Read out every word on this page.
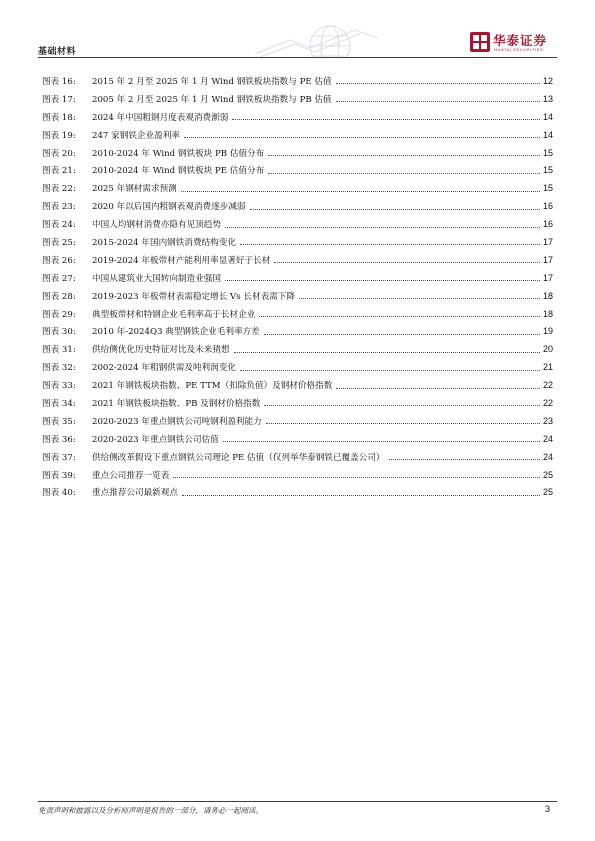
基础材料
华泰证券
HUATAI SECURITIES
图表 16:	2015 年 2 月至 2025 年 1 月 Wind 钢铁板块指数与 PE 估值	12
图表 17:	2005 年 2 月至 2025 年 1 月 Wind 钢铁板块指数与 PB 估值	13
图表 18:	2024 年中国粗钢月度表观消费渐弱	14
图表 19:	247 家钢铁企业盈利率	14
图表 20:	2010-2024 年 Wind 钢铁板块 PB 估值分布	15
图表 21:	2010-2024 年 Wind 钢铁板块 PE 估值分布	15
图表 22:	2025 年钢材需求预测	15
图表 23:	2020 年以后国内粗钢表观消费逐步减弱	16
图表 24:	中国人均钢材消费亦隐有见顶趋势	16
图表 25:	2015-2024 年国内钢铁消费结构变化	17
图表 26:	2019-2024 年板带材产能利用率显著好于长材	17
图表 27:	中国从建筑业大国转向制造业强国	17
图表 28:	2019-2023 年板带材表需稳定增长 Vs 长材表需下降	18
图表 29:	典型板带材和特钢企业毛利率高于长材企业	18
图表 30:	2010 年-2024Q3 典型钢铁企业毛利率方差	19
图表 31:	供给侧优化历史特征对比及未来猜想	20
图表 32:	2002-2024 年粗钢供需及吨利润变化	21
图表 33:	2021 年钢铁板块指数、PE TTM（扣除负值）及钢材价格指数	22
图表 34:	2021 年钢铁板块指数、PB 及钢材价格指数	22
图表 35:	2020-2023 年重点钢铁公司吨钢利盈利能力	23
图表 36:	2020-2023 年重点钢铁公司估值	24
图表 37:	供给侧改革假设下重点钢铁公司理论 PE 估值（仅列举华泰钢铁已覆盖公司）	24
图表 39:	重点公司推荐一览表	25
图表 40:	重点推荐公司最新观点	25
免责声明和披露以及分析师声明是报告的一部分，请务必一起阅读。	3
